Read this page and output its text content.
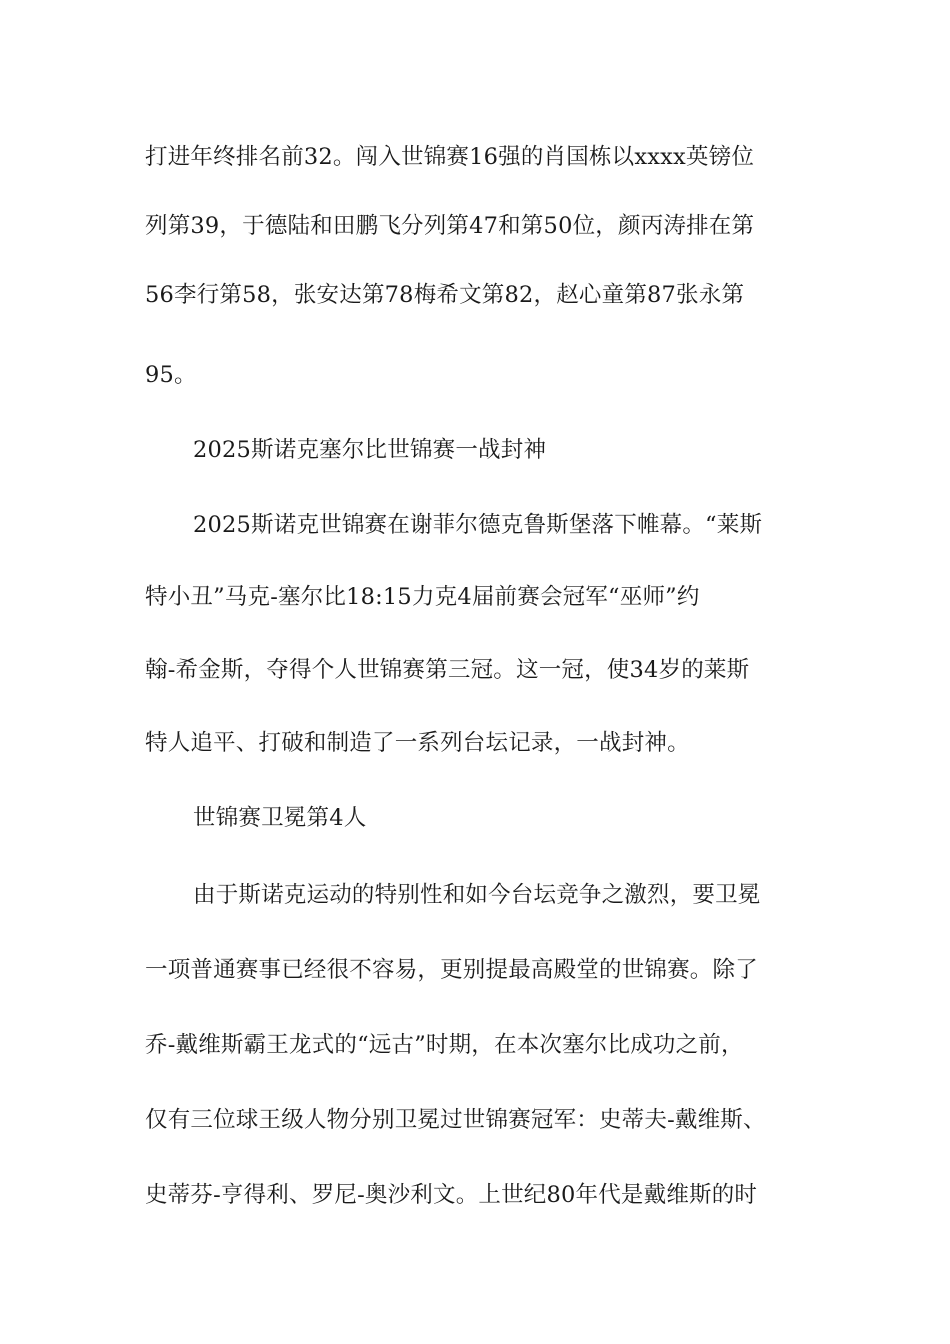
打进年终排名前32。闯入世锦赛16强的肖国栋以xxxx英镑位
列第39，于德陆和田鹏飞分列第47和第50位，颜丙涛排在第
56李行第58，张安达第78梅希文第82，赵心童第87张永第
95。
2025斯诺克塞尔比世锦赛一战封神
2025斯诺克世锦赛在谢菲尔德克鲁斯堡落下帷幕。“莱斯
特小丑”马克-塞尔比18:15力克4届前赛会冠军“巫师”约
翰-希金斯，夺得个人世锦赛第三冠。这一冠，使34岁的莱斯
特人追平、打破和制造了一系列台坛记录，一战封神。
世锦赛卫冕第4人
由于斯诺克运动的特别性和如今台坛竞争之激烈，要卫冕
一项普通赛事已经很不容易，更别提最高殿堂的世锦赛。除了
乔-戴维斯霸王龙式的“远古”时期，在本次塞尔比成功之前，
仅有三位球王级人物分别卫冕过世锦赛冠军：史蒂夫-戴维斯、
史蒂芬-亨得利、罗尼-奥沙利文。上世纪80年代是戴维斯的时
